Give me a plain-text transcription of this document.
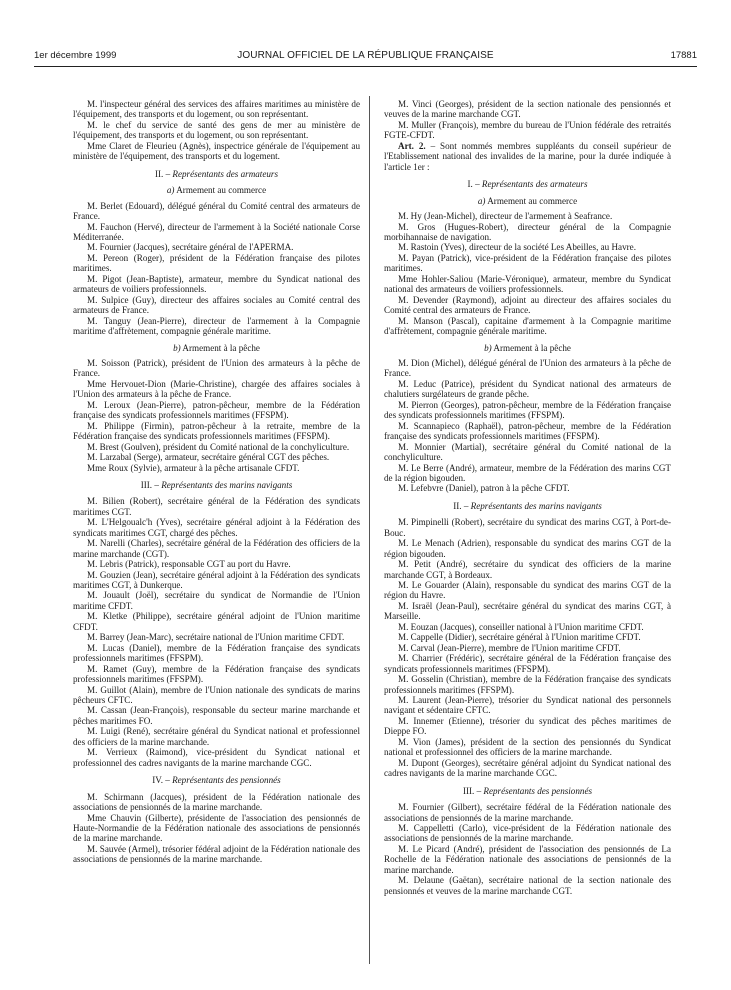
1er décembre 1999	JOURNAL OFFICIEL DE LA RÉPUBLIQUE FRANÇAISE	17881

M. l'inspecteur général des services des affaires maritimes au ministère de l'équipement, des transports et du logement, ou son représentant.

M. le chef du service de santé des gens de mer au ministère de l'équipement, des transports et du logement, ou son représentant.

Mme Claret de Fleurieu (Agnès), inspectrice générale de l'équipement au ministère de l'équipement, des transports et du logement.

II. – Représentants des armateurs

a) Armement au commerce

M. Berlet (Edouard), délégué général du Comité central des armateurs de France.

M. Fauchon (Hervé), directeur de l'armement à la Société nationale Corse Méditerranée.

M. Fournier (Jacques), secrétaire général de l'APERMA.

M. Pereon (Roger), président de la Fédération française des pilotes maritimes.

M. Pigot (Jean-Baptiste), armateur, membre du Syndicat national des armateurs de voiliers professionnels.

M. Sulpice (Guy), directeur des affaires sociales au Comité central des armateurs de France.

M. Tanguy (Jean-Pierre), directeur de l'armement à la Compagnie maritime d'affrètement, compagnie générale maritime.

b) Armement à la pêche

M. Soisson (Patrick), président de l'Union des armateurs à la pêche de France.

Mme Hervouet-Dion (Marie-Christine), chargée des affaires sociales à l'Union des armateurs à la pêche de France.

M. Leroux (Jean-Pierre), patron-pêcheur, membre de la Fédération française des syndicats professionnels maritimes (FFSPM).

M. Philippe (Firmin), patron-pêcheur à la retraite, membre de la Fédération française des syndicats professionnels maritimes (FFSPM).

M. Brest (Goulven), président du Comité national de la conchyliculture.

M. Larzabal (Serge), armateur, secrétaire général CGT des pêches.

Mme Roux (Sylvie), armateur à la pêche artisanale CFDT.

III. – Représentants des marins navigants

M. Bilien (Robert), secrétaire général de la Fédération des syndicats maritimes CGT.

M. L'Helgoualc'h (Yves), secrétaire général adjoint à la Fédération des syndicats maritimes CGT, chargé des pêches.

M. Narelli (Charles), secrétaire général de la Fédération des officiers de la marine marchande (CGT).

M. Lebris (Patrick), responsable CGT au port du Havre.

M. Gouzien (Jean), secrétaire général adjoint à la Fédération des syndicats maritimes CGT, à Dunkerque.

M. Jouault (Joël), secrétaire du syndicat de Normandie de l'Union maritime CFDT.

M. Kletke (Philippe), secrétaire général adjoint de l'Union maritime CFDT.

M. Barrey (Jean-Marc), secrétaire national de l'Union maritime CFDT.

M. Lucas (Daniel), membre de la Fédération française des syndicats professionnels maritimes (FFSPM).

M. Ramet (Guy), membre de la Fédération française des syndicats professionnels maritimes (FFSPM).

M. Guillot (Alain), membre de l'Union nationale des syndicats de marins pêcheurs CFTC.

M. Cassan (Jean-François), responsable du secteur marine marchande et pêches maritimes FO.

M. Luigi (René), secrétaire général du Syndicat national et professionnel des officiers de la marine marchande.

M. Verrieux (Raimond), vice-président du Syndicat national et professionnel des cadres navigants de la marine marchande CGC.

IV. – Représentants des pensionnés

M. Schirmann (Jacques), président de la Fédération nationale des associations de pensionnés de la marine marchande.

Mme Chauvin (Gilberte), présidente de l'association des pensionnés de Haute-Normandie de la Fédération nationale des associations de pensionnés de la marine marchande.

M. Sauvée (Armel), trésorier fédéral adjoint de la Fédération nationale des associations de pensionnés de la marine marchande.

M. Vinci (Georges), président de la section nationale des pensionnés et veuves de la marine marchande CGT.

M. Muller (François), membre du bureau de l'Union fédérale des retraités FGTE-CFDT.

Art. 2. – Sont nommés membres suppléants du conseil supérieur de l'Etablissement national des invalides de la marine, pour la durée indiquée à l'article 1er :

I. – Représentants des armateurs

a) Armement au commerce

M. Hy (Jean-Michel), directeur de l'armement à Seafrance.

M. Gros (Hugues-Robert), directeur général de la Compagnie morbihannaise de navigation.

M. Rastoin (Yves), directeur de la société Les Abeilles, au Havre.

M. Payan (Patrick), vice-président de la Fédération française des pilotes maritimes.

Mme Hohler-Saliou (Marie-Véronique), armateur, membre du Syndicat national des armateurs de voiliers professionnels.

M. Devender (Raymond), adjoint au directeur des affaires sociales du Comité central des armateurs de France.

M. Manson (Pascal), capitaine d'armement à la Compagnie maritime d'affrètement, compagnie générale maritime.

b) Armement à la pêche

M. Dion (Michel), délégué général de l'Union des armateurs à la pêche de France.

M. Leduc (Patrice), président du Syndicat national des armateurs de chalutiers surgélateurs de grande pêche.

M. Pierron (Georges), patron-pêcheur, membre de la Fédération française des syndicats professionnels maritimes (FFSPM).

M. Scannapieco (Raphaël), patron-pêcheur, membre de la Fédération française des syndicats professionnels maritimes (FFSPM).

M. Monnier (Martial), secrétaire général du Comité national de la conchyliculture.

M. Le Berre (André), armateur, membre de la Fédération des marins CGT de la région bigouden.

M. Lefebvre (Daniel), patron à la pêche CFDT.

II. – Représentants des marins navigants

M. Pimpinelli (Robert), secrétaire du syndicat des marins CGT, à Port-de-Bouc.

M. Le Menach (Adrien), responsable du syndicat des marins CGT de la région bigouden.

M. Petit (André), secrétaire du syndicat des officiers de la marine marchande CGT, à Bordeaux.

M. Le Gouarder (Alain), responsable du syndicat des marins CGT de la région du Havre.

M. Israël (Jean-Paul), secrétaire général du syndicat des marins CGT, à Marseille.

M. Eouzan (Jacques), conseiller national à l'Union maritime CFDT.

M. Cappelle (Didier), secrétaire général à l'Union maritime CFDT.

M. Carval (Jean-Pierre), membre de l'Union maritime CFDT.

M. Charrier (Frédéric), secrétaire général de la Fédération française des syndicats professionnels maritimes (FFSPM).

M. Gosselin (Christian), membre de la Fédération française des syndicats professionnels maritimes (FFSPM).

M. Laurent (Jean-Pierre), trésorier du Syndicat national des personnels navigant et sédentaire CFTC.

M. Innemer (Etienne), trésorier du syndicat des pêches maritimes de Dieppe FO.

M. Vion (James), président de la section des pensionnés du Syndicat national et professionnel des officiers de la marine marchande.

M. Dupont (Georges), secrétaire général adjoint du Syndicat national des cadres navigants de la marine marchande CGC.

III. – Représentants des pensionnés

M. Fournier (Gilbert), secrétaire fédéral de la Fédération nationale des associations de pensionnés de la marine marchande.

M. Cappelletti (Carlo), vice-président de la Fédération nationale des associations de pensionnés de la marine marchande.

M. Le Picard (André), président de l'association des pensionnés de La Rochelle de la Fédération nationale des associations de pensionnés de la marine marchande.

M. Delaune (Gaëtan), secrétaire national de la section nationale des pensionnés et veuves de la marine marchande CGT.
